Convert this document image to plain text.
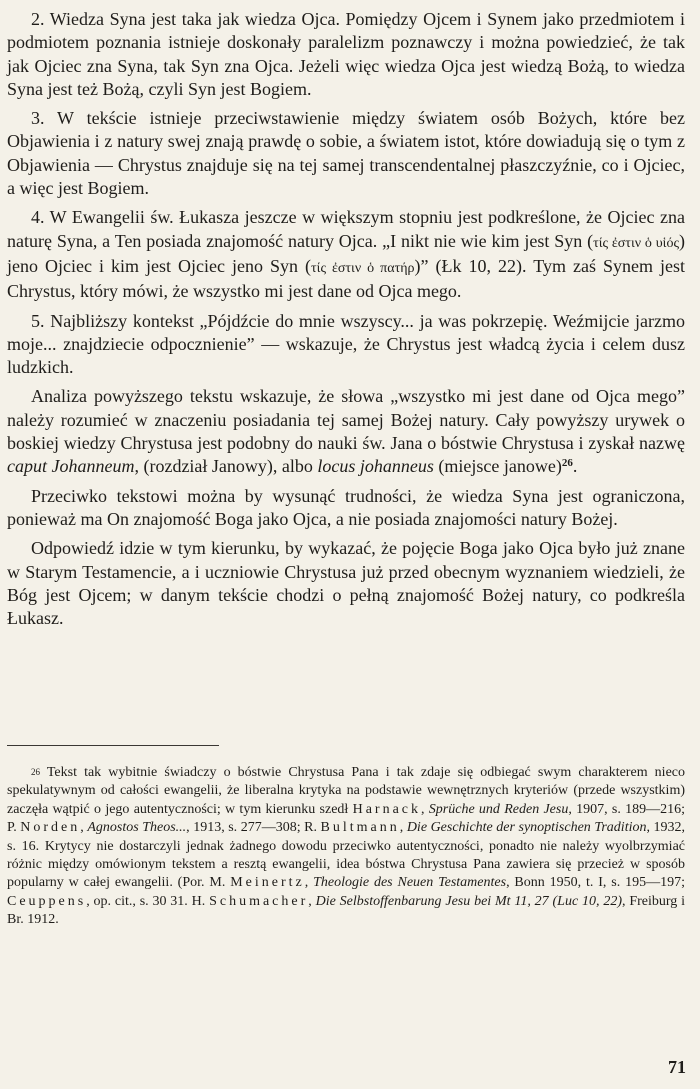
2. Wiedza Syna jest taka jak wiedza Ojca. Pomiędzy Ojcem i Synem jako przedmiotem i podmiotem poznania istnieje doskonały paralelizm poznawczy i można powiedzieć, że tak jak Ojciec zna Syna, tak Syn zna Ojca. Jeżeli więc wiedza Ojca jest wiedzą Bożą, to wiedza Syna jest też Bożą, czyli Syn jest Bogiem.

3. W tekście istnieje przeciwstawienie między światem osób Bożych, które bez Objawienia i z natury swej znają prawdę o sobie, a światem istot, które dowiadują się o tym z Objawienia — Chrystus znajduje się na tej samej transcendentalnej płaszczyźnie, co i Ojciec, a więc jest Bogiem.

4. W Ewangelii św. Łukasza jeszcze w większym stopniu jest podkreślone, że Ojciec zna naturę Syna, a Ten posiada znajomość natury Ojca. „I nikt nie wie kim jest Syn (τίς ἐστιν ὁ υἱός) jeno Ojciec i kim jest Ojciec jeno Syn (τίς ἐστιν ὁ πατήρ)” (Łk 10, 22). Tym zaś Synem jest Chrystus, który mówi, że wszystko mi jest dane od Ojca mego.

5. Najbliższy kontekst „Pójdźcie do mnie wszyscy... ja was pokrzepię. Weźmijcie jarzmo moje... znajdziecie odpocznienie” — wskazuje, że Chrystus jest władcą życia i celem dusz ludzkich.

Analiza powyższego tekstu wskazuje, że słowa „wszystko mi jest dane od Ojca mego” należy rozumieć w znaczeniu posiadania tej samej Bożej natury. Cały powyższy urywek o boskiej wiedzy Chrystusa jest podobny do nauki św. Jana o bóstwie Chrystusa i zyskał nazwę caput Johanneum, (rozdział Janowy), albo locus johanneus (miejsce janowe)$^{26}$.

Przeciwko tekstowi można by wysunąć trudności, że wiedza Syna jest ograniczona, ponieważ ma On znajomość Boga jako Ojca, a nie posiada znajomości natury Bożej.

Odpowiedź idzie w tym kierunku, by wykazać, że pojęcie Boga jako Ojca było już znane w Starym Testamencie, a i uczniowie Chrystusa już przed obecnym wyznaniem wiedzieli, że Bóg jest Ojcem; w danym tekście chodzi o pełną znajomość Bożej natury, co podkreśla Łukasz.

$^{26}$ Tekst tak wybitnie świadczy o bóstwie Chrystusa Pana i tak zdaje się odbiegać swym charakterem nieco spekulatywnym od całości ewangelii, że liberalna krytyka na podstawie wewnętrznych kryteriów (przede wszystkim) zaczęła wątpić o jego autentyczności; w tym kierunku szedł Harnack, Sprüche und Reden Jesu, 1907, s. 189—216; P. Norden, Agnostos Theos..., 1913, s. 277—308; R. Bultmann, Die Geschichte der synoptischen Tradition, 1932, s. 16. Krytycy nie dostarczyli jednak żadnego dowodu przeciwko autentyczności, ponadto nie należy wyolbrzymiać różnic między omówionym tekstem a resztą ewangelii, idea bóstwa Chrystusa Pana zawiera się przecież w sposób popularny w całej ewangelii. (Por. M. Meinertz, Theologie des Neuen Testamentes, Bonn 1950, t. I, s. 195—197; Ceuppens, op. cit., s. 30 31. H. Schumacher, Die Selbstoffenbarung Jesu bei Mt 11, 27 (Luc 10, 22), Freiburg i Br. 1912.

71
